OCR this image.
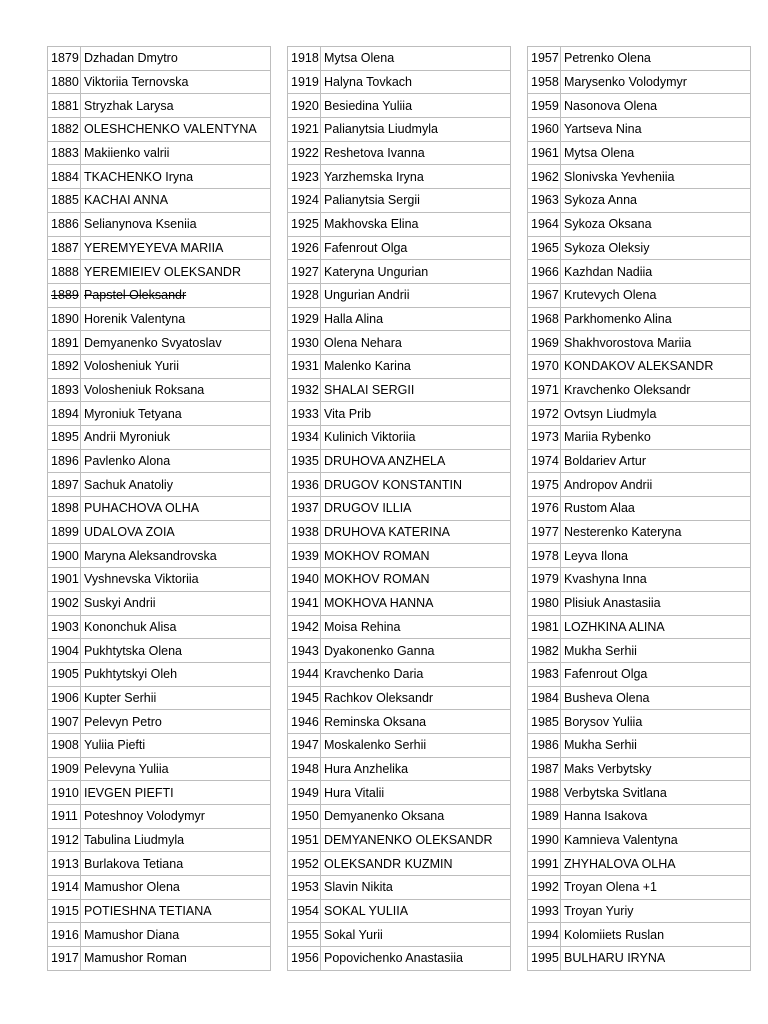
1879	Dzhadan Dmytro
1880	Viktoriia Ternovska
1881	Stryzhak Larysa
1882	OLESHCHENKO VALENTYNA
1883	Makiienko valrii
1884	TKACHENKO Iryna
1885	KACHAI ANNA
1886	Selianynova Kseniia
1887	YEREMYEYEVA MARIIA
1888	YEREMIEIEV OLEKSANDR
1889	Papstel Oleksandr
1890	Horenik Valentyna
1891	Demyanenko Svyatoslav
1892	Volosheniuk Yurii
1893	Volosheniuk Roksana
1894	Myroniuk Tetyana
1895	Andrii Myroniuk
1896	Pavlenko Alona
1897	Sachuk Anatoliy
1898	PUHACHOVA OLHA
1899	UDALOVA ZOIA
1900	Maryna Aleksandrovska
1901	Vyshnevska Viktoriia
1902	Suskyi Andrii
1903	Kononchuk Alisa
1904	Pukhtytska Olena
1905	Pukhtytskyi Oleh
1906	Kupter Serhii
1907	Pelevyn Petro
1908	Yuliia Piefti
1909	Pelevyna Yuliia
1910	IEVGEN PIEFTI
1911	Poteshnoy Volodymyr
1912	Tabulina Liudmyla
1913	Burlakova Tetiana
1914	Mamushor Olena
1915	POTIESHNA TETIANA
1916	Mamushor Diana
1917	Mamushor Roman
1918	Mytsa Olena
1919	Halyna Tovkach
1920	Besiedina Yuliia
1921	Palianytsia Liudmyla
1922	Reshetova Ivanna
1923	Yarzhemska Iryna
1924	Palianytsia Sergii
1925	Makhovska Elina
1926	Fafenrout Olga
1927	Kateryna Ungurian
1928	Ungurian Andrii
1929	Halla Alina
1930	Olena Nehara
1931	Malenko Karina
1932	SHALAI SERGII
1933	Vita Prib
1934	Kulinich Viktoriia
1935	DRUHOVA ANZHELA
1936	DRUGOV KONSTANTIN
1937	DRUGOV ILLIA
1938	DRUHOVA KATERINA
1939	MOKHOV ROMAN
1940	MOKHOV ROMAN
1941	MOKHOVA HANNA
1942	Moisa Rehina
1943	Dyakonenko Ganna
1944	Kravchenko Daria
1945	Rachkov Oleksandr
1946	Reminska Oksana
1947	Moskalenko Serhii
1948	Hura Anzhelika
1949	Hura Vitalii
1950	Demyanenko Oksana
1951	DEMYANENKO OLEKSANDR
1952	OLEKSANDR KUZMIN
1953	Slavin Nikita
1954	SOKAL YULIIA
1955	Sokal Yurii
1956	Popovichenko Anastasiia
1957	Petrenko Olena
1958	Marysenko Volodymyr
1959	Nasonova Olena
1960	Yartseva Nina
1961	Mytsa Olena
1962	Slonivska Yevheniia
1963	Sykoza Anna
1964	Sykoza Oksana
1965	Sykoza Oleksiy
1966	Kazhdan Nadiia
1967	Krutevych Olena
1968	Parkhomenko Alina
1969	Shakhvorostova Mariia
1970	KONDAKOV ALEKSANDR
1971	Kravchenko Oleksandr
1972	Ovtsyn Liudmyla
1973	Mariia Rybenko
1974	Boldariev Artur
1975	Andropov Andrii
1976	Rustom Alaa
1977	Nesterenko Kateryna
1978	Leyva Ilona
1979	Kvashyna Inna
1980	Plisiuk Anastasiia
1981	LOZHKINA ALINA
1982	Mukha Serhii
1983	Fafenrout Olga
1984	Busheva Olena
1985	Borysov Yuliia
1986	Mukha Serhii
1987	Maks Verbytsky
1988	Verbytska Svitlana
1989	Hanna Isakova
1990	Kamnieva Valentyna
1991	ZHYHALOVA OLHA
1992	Troyan Olena +1
1993	Troyan Yuriy
1994	Kolomiiets Ruslan
1995	BULHARU IRYNA
